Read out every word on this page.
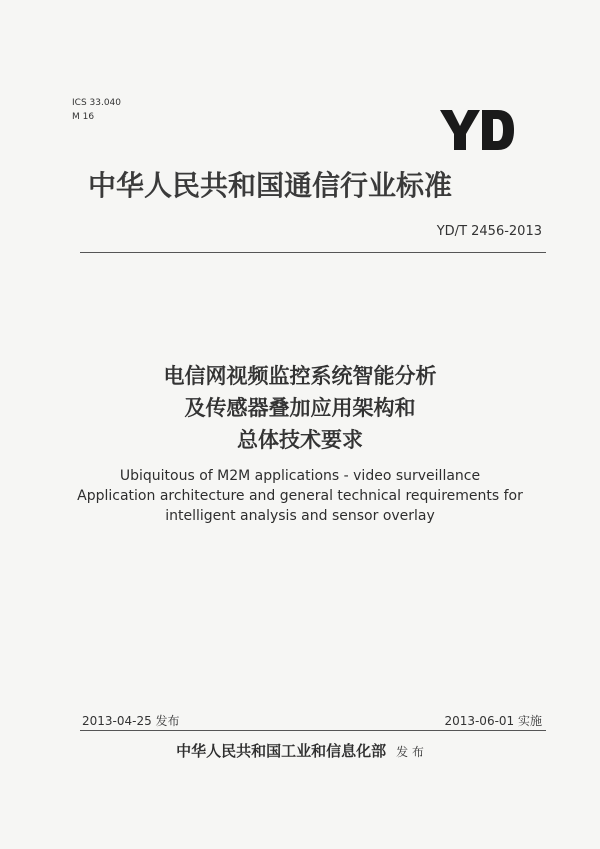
ICS 33.040
M 16
中华人民共和国通信行业标准
YD/T 2456-2013
电信网视频监控系统智能分析
及传感器叠加应用架构和
总体技术要求
Ubiquitous of M2M applications - video surveillance
Application architecture and general technical requirements for
intelligent analysis and sensor overlay
2013-04-25 发布	2013-06-01 实施
中华人民共和国工业和信息化部 发 布
